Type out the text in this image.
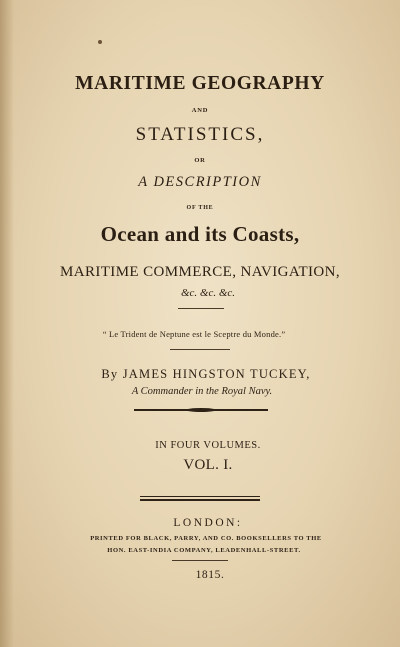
MARITIME GEOGRAPHY
AND
STATISTICS,
OR
A DESCRIPTION
OF THE
Ocean and its Coasts,
MARITIME COMMERCE, NAVIGATION,
&c. &c. &c.
“ Le Trident de Neptune est le Sceptre du Monde.”
By JAMES HINGSTON TUCKEY,
A Commander in the Royal Navy.
IN FOUR VOLUMES.
VOL. I.
LONDON:
PRINTED FOR BLACK, PARRY, AND CO. BOOKSELLERS TO THE
HON. EAST-INDIA COMPANY, LEADENHALL-STREET.
1815.
